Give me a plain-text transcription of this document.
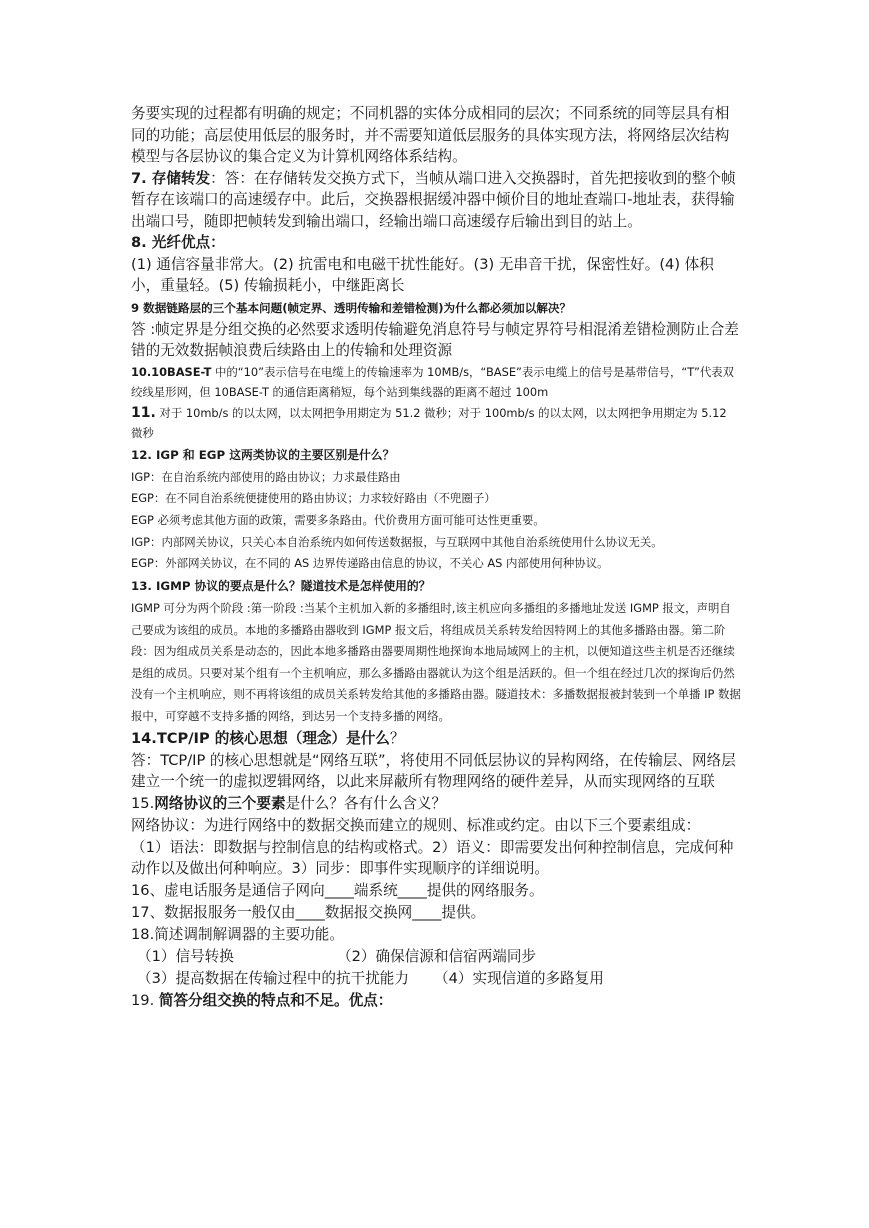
务要实现的过程都有明确的规定；不同机器的实体分成相同的层次；不同系统的同等层具有相同的功能；高层使用低层的服务时，并不需要知道低层服务的具体实现方法，将网络层次结构模型与各层协议的集合定义为计算机网络体系结构。

7. 存储转发：答：在存储转发交换方式下，当帧从端口进入交换器时，首先把接收到的整个帧暂存在该端口的高速缓存中。此后，交换器根据缓冲器中倾价目的地址查端口-地址表，获得输出端口号，随即把帧转发到输出端口，经输出端口高速缓存后输出到目的站上。

8. 光纤优点：

(1) 通信容量非常大。(2) 抗雷电和电磁干扰性能好。(3) 无串音干扰，保密性好。(4) 体积小，重量轻。(5) 传输损耗小，中继距离长

9 数据链路层的三个基本问题(帧定界、透明传输和差错检测)为什么都必须加以解决？

答 :帧定界是分组交换的必然要求透明传输避免消息符号与帧定界符号相混淆差错检测防止合差错的无效数据帧浪费后续路由上的传输和处理资源

10.10BASE-T 中的“10”表示信号在电缆上的传输速率为 10MB/s，“BASE”表示电缆上的信号是基带信号，“T”代表双绞线星形网，但 10BASE-T 的通信距离稍短，每个站到集线器的距离不超过 100m

11. 对于 10mb/s 的以太网，以太网把争用期定为 51.2 微秒；对于 100mb/s 的以太网，以太网把争用期定为 5.12 微秒

12. IGP 和 EGP 这两类协议的主要区别是什么？

IGP：在自治系统内部使用的路由协议；力求最佳路由

EGP：在不同自治系统便捷使用的路由协议；力求较好路由（不兜圈子）

EGP 必须考虑其他方面的政策，需要多条路由。代价费用方面可能可达性更重要。

IGP：内部网关协议，只关心本自治系统内如何传送数据报，与互联网中其他自治系统使用什么协议无关。

EGP：外部网关协议，在不同的 AS 边界传递路由信息的协议，不关心 AS 内部使用何种协议。

13. IGMP 协议的要点是什么？隧道技术是怎样使用的？

IGMP 可分为两个阶段 :第一阶段 :当某个主机加入新的多播组时,该主机应向多播组的多播地址发送 IGMP 报文，声明自己要成为该组的成员。本地的多播路由器收到 IGMP 报文后，将组成员关系转发给因特网上的其他多播路由器。第二阶段：因为组成员关系是动态的，因此本地多播路由器要周期性地探询本地局域网上的主机，以便知道这些主机是否还继续是组的成员。只要对某个组有一个主机响应，那么多播路由器就认为这个组是活跃的。但一个组在经过几次的探询后仍然没有一个主机响应，则不再将该组的成员关系转发给其他的多播路由器。隧道技术：多播数据报被封装到一个单播 IP 数据报中，可穿越不支持多播的网络，到达另一个支持多播的网络。

14.TCP/IP 的核心思想（理念）是什么？

答：TCP/IP 的核心思想就是“网络互联”，将使用不同低层协议的异构网络，在传输层、网络层建立一个统一的虚拟逻辑网络，以此来屏蔽所有物理网络的硬件差异，从而实现网络的互联

15.网络协议的三个要素是什么？各有什么含义？

网络协议：为进行网络中的数据交换而建立的规则、标准或约定。由以下三个要素组成：

（1）语法：即数据与控制信息的结构或格式。2）语义：即需要发出何种控制信息，完成何种动作以及做出何种响应。3）同步：即事件实现顺序的详细说明。

16、虚电话服务是通信子网向____端系统____提供的网络服务。

17、数据报服务一般仅由____数据报交换网____提供。

18.简述调制解调器的主要功能。

（1）信号转换	（2）确保信源和信宿两端同步
（3）提高数据在传输过程中的抗干扰能力	（4）实现信道的多路复用

19. 简答分组交换的特点和不足。优点：
